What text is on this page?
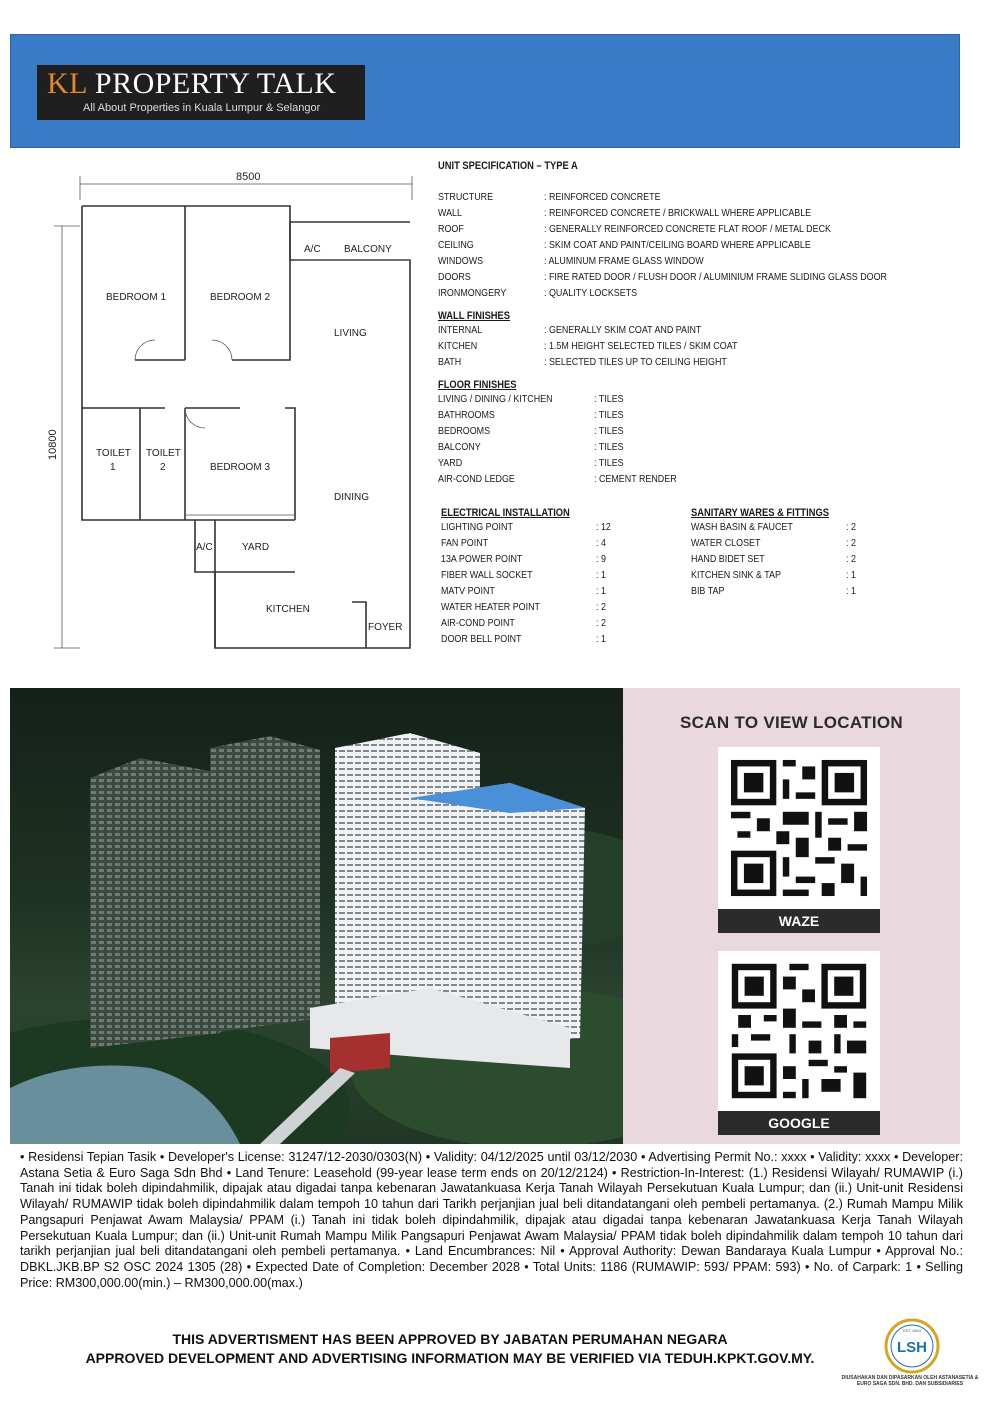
KL PROPERTY TALK
All About Properties in Kuala Lumpur & Selangor
8500
10800
BEDROOM 1	BEDROOM 2
A/C BALCONY
LIVING
TOILET
1
TOILET
2	BEDROOM 3
DINING
A/C	YARD
KITCHEN
FOYER
UNIT SPECIFICATION – TYPE A
STRUCTURE	: REINFORCED CONCRETE
WALL	: REINFORCED CONCRETE / BRICKWALL WHERE APPLICABLE
ROOF	: GENERALLY REINFORCED CONCRETE FLAT ROOF / METAL DECK
CEILING	: SKIM COAT AND PAINT/CEILING BOARD WHERE APPLICABLE
WINDOWS	: ALUMINUM FRAME GLASS WINDOW
DOORS	: FIRE RATED DOOR / FLUSH DOOR / ALUMINIUM FRAME SLIDING GLASS DOOR
IRONMONGERY	: QUALITY LOCKSETS
WALL FINISHES
INTERNAL	: GENERALLY SKIM COAT AND PAINT
KITCHEN	: 1.5M HEIGHT SELECTED TILES / SKIM COAT
BATH	: SELECTED TILES UP TO CEILING HEIGHT
FLOOR FINISHES
LIVING / DINING / KITCHEN	: TILES
BATHROOMS	: TILES
BEDROOMS	: TILES
BALCONY	: TILES
YARD	: TILES
AIR-COND LEDGE	: CEMENT RENDER
ELECTRICAL INSTALLATION
LIGHTING POINT	: 12
FAN POINT	: 4
13A POWER POINT	: 9
FIBER WALL SOCKET	: 1
MATV POINT	: 1
WATER HEATER POINT	: 2
AIR-COND POINT	: 2
DOOR BELL POINT	: 1
SANITARY WARES & FITTINGS
WASH BASIN & FAUCET	: 2
WATER CLOSET	: 2
HAND BIDET SET	: 2
KITCHEN SINK & TAP	: 1
BIB TAP	: 1
SCAN TO VIEW LOCATION
WAZE
GOOGLE
• Residensi Tepian Tasik • Developer's License: 31247/12-2030/0303(N) • Validity: 04/12/2025 until 03/12/2030 • Advertising Permit No.: xxxx • Validity: xxxx • Developer: Astana Setia & Euro Saga Sdn Bhd • Land Tenure: Leasehold (99-year lease term ends on 20/12/2124) • Restriction-In-Interest: (1.) Residensi Wilayah/ RUMAWIP (i.) Tanah ini tidak boleh dipindahmilik, dipajak atau digadai tanpa kebenaran Jawatankuasa Kerja Tanah Wilayah Persekutuan Kuala Lumpur; dan (ii.) Unit-unit Residensi Wilayah/ RUMAWIP tidak boleh dipindahmilik dalam tempoh 10 tahun dari Tarikh perjanjian jual beli ditandatangani oleh pembeli pertamanya. (2.) Rumah Mampu Milik Pangsapuri Penjawat Awam Malaysia/ PPAM (i.) Tanah ini tidak boleh dipindahmilik, dipajak atau digadai tanpa kebenaran Jawatankuasa Kerja Tanah Wilayah Persekutuan Kuala Lumpur; dan (ii.) Unit-unit Rumah Mampu Milik Pangsapuri Penjawat Awam Malaysia/ PPAM tidak boleh dipindahmilik dalam tempoh 10 tahun dari tarikh perjanjian jual beli ditandatangani oleh pembeli pertamanya. • Land Encumbrances: Nil • Approval Authority: Dewan Bandaraya Kuala Lumpur • Approval No.: DBKL.JKB.BP S2 OSC 2024 1305 (28) • Expected Date of Completion: December 2028 • Total Units: 1186 (RUMAWIP: 593/ PPAM: 593) • No. of Carpark: 1 • Selling Price: RM300,000.00(min.) – RM300,000.00(max.)
THIS ADVERTISMENT HAS BEEN APPROVED BY JABATAN PERUMAHAN NEGARA
APPROVED DEVELOPMENT AND ADVERTISING INFORMATION MAY BE VERIFIED VIA TEDUH.KPKT.GOV.MY.
EST 1964
LSH
DIUSAHAKAN DAN DIPASARKAN OLEH ASTANASETIA & EURO SAGA SDN. BHD. DAN SUBSIDIARIES
